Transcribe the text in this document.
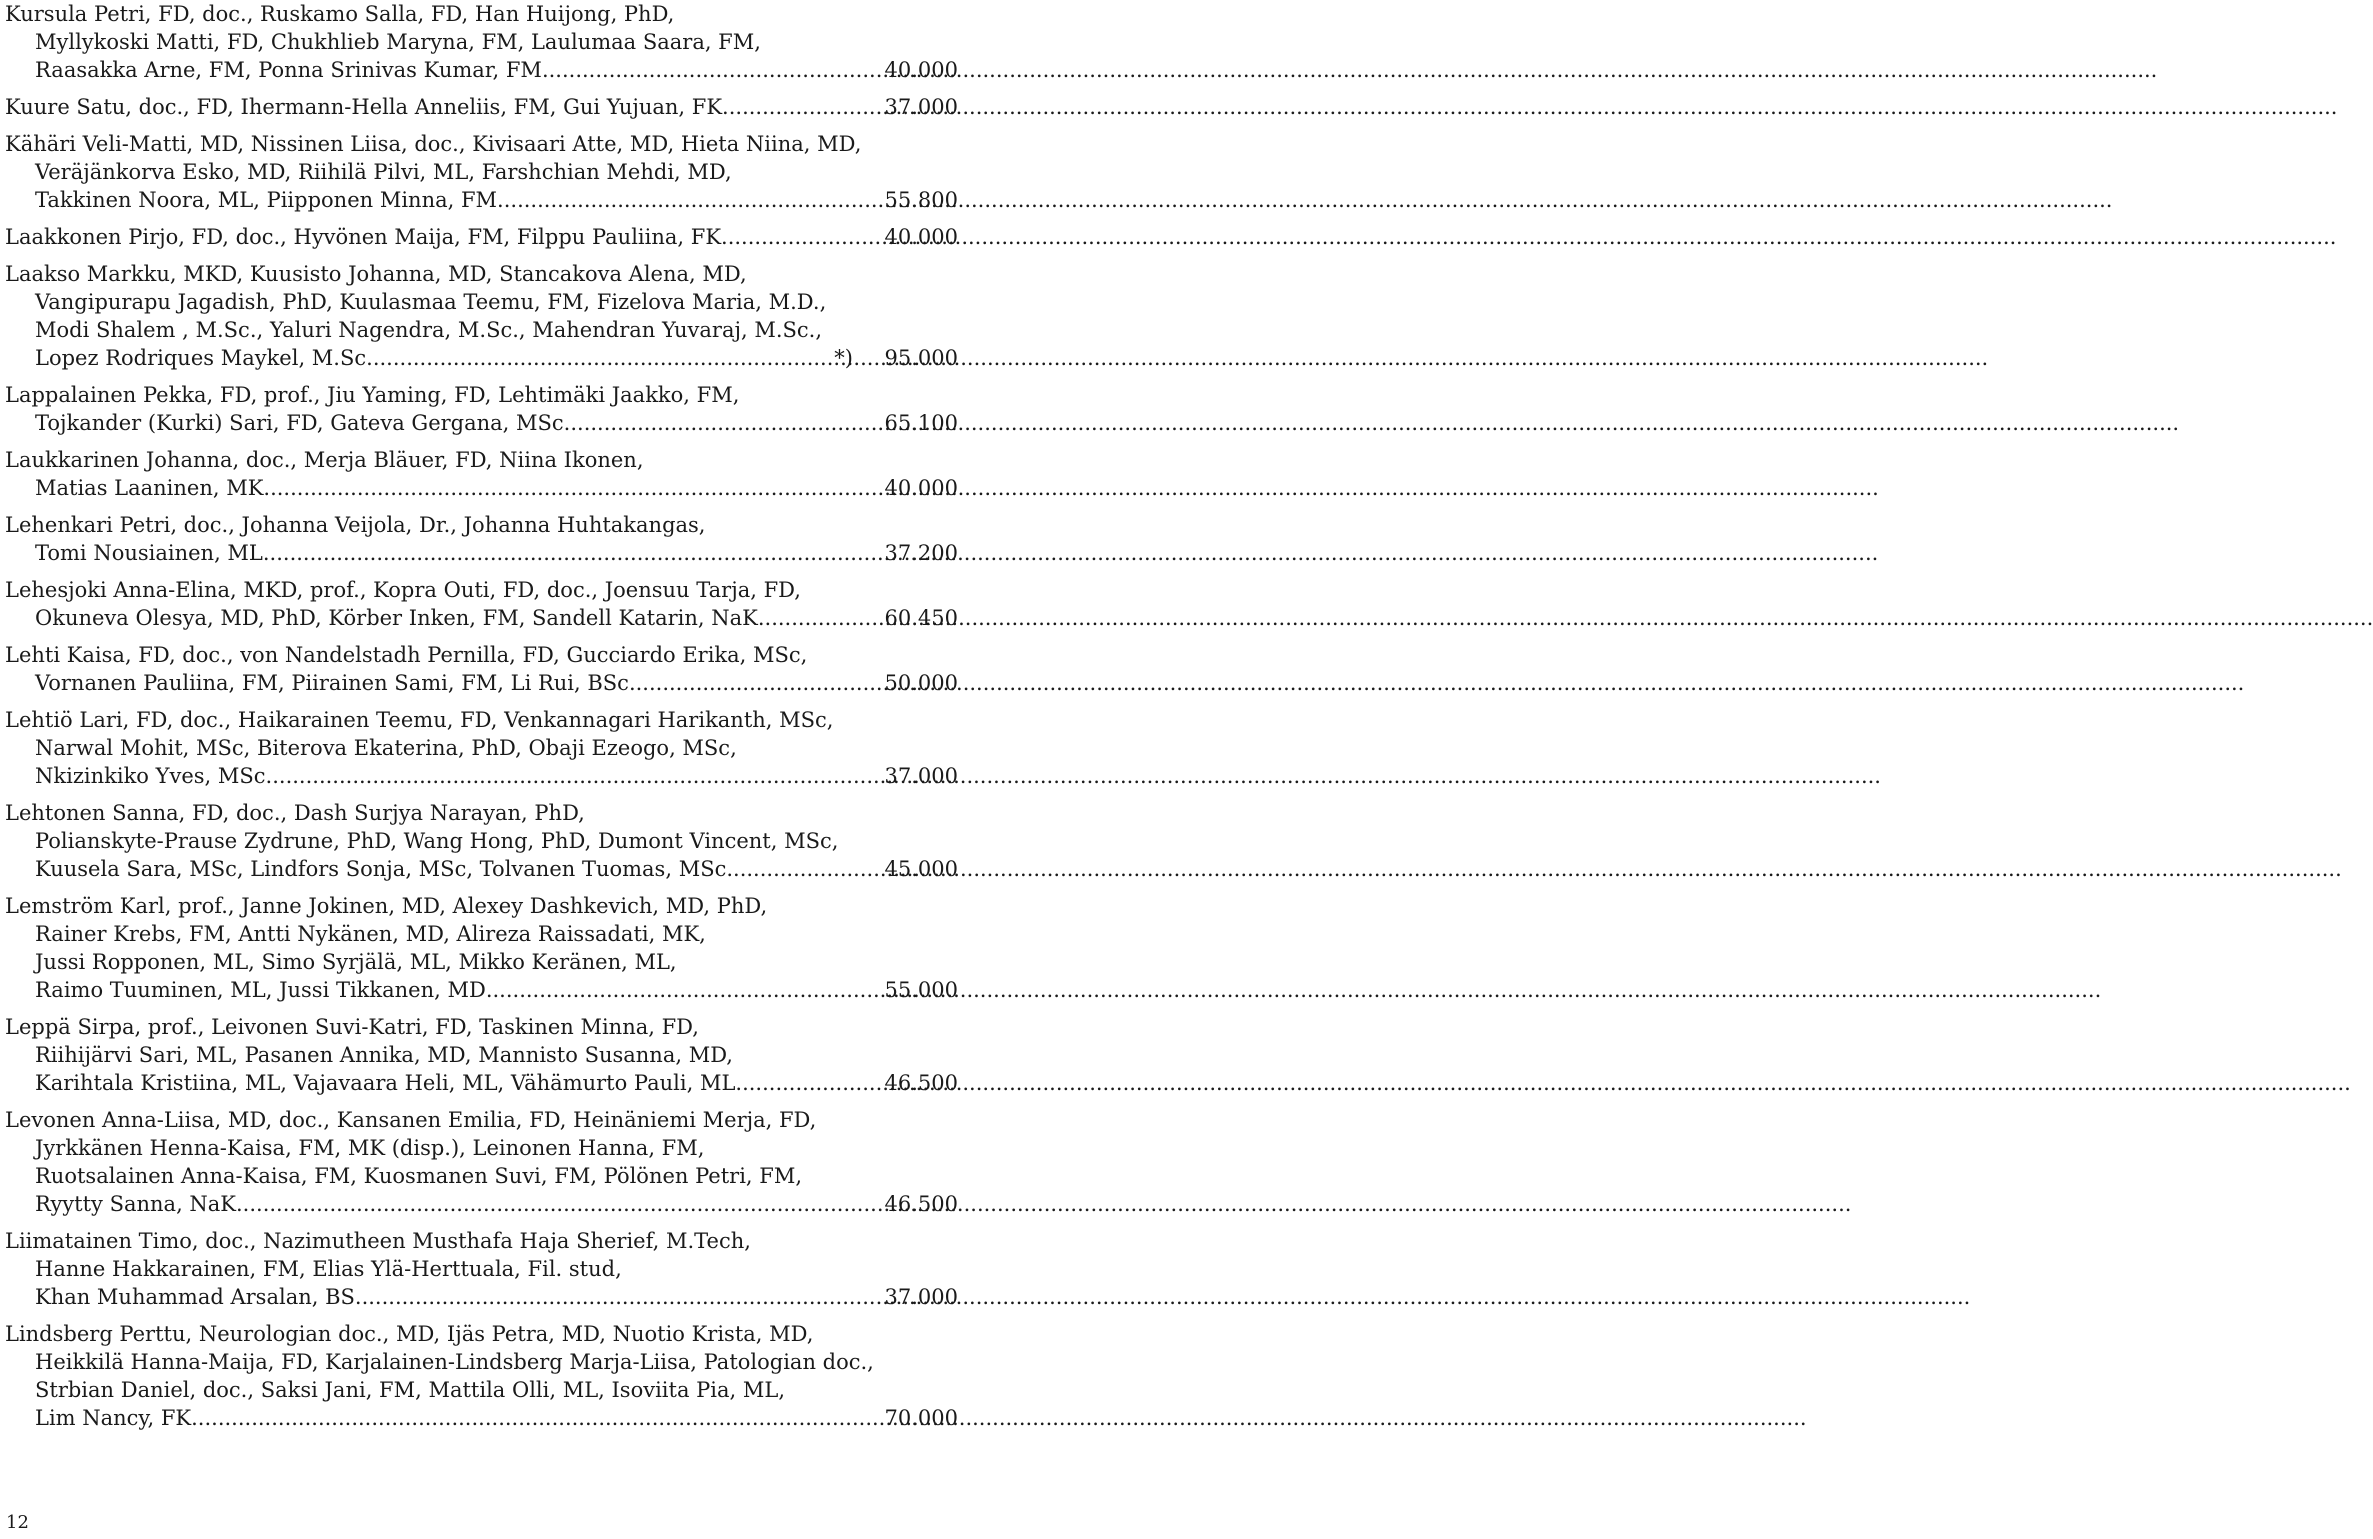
Kursula Petri, FD, doc., Ruskamo Salla, FD, Han Huijong, PhD,
Myllykoski Matti, FD, Chukhlieb Maryna, FM, Laulumaa Saara, FM,
Raasakka Arne, FM, Ponna Srinivas Kumar, FM .....	40.000
Kuure Satu, doc., FD, Ihermann-Hella Anneliis, FM, Gui Yujuan, FK .....	37.000
Kähäri Veli-Matti, MD, Nissinen Liisa, doc., Kivisaari Atte, MD, Hieta Niina, MD,
Veräjänkorva Esko, MD, Riihilä Pilvi, ML, Farshchian Mehdi, MD,
Takkinen Noora, ML, Piipponen Minna, FM .....	55.800
Laakkonen Pirjo, FD, doc., Hyvönen Maija, FM, Filppu Pauliina, FK .....	40.000
Laakso Markku, MKD, Kuusisto Johanna, MD, Stancakova Alena, MD,
Vangipurapu Jagadish, PhD, Kuulasmaa Teemu, FM, Fizelova Maria, M.D.,
Modi Shalem , M.Sc., Yaluri Nagendra, M.Sc., Mahendran Yuvaraj, M.Sc.,
Lopez Rodriques Maykel, M.Sc. .....	*)	95.000
Lappalainen Pekka, FD, prof., Jiu Yaming, FD, Lehtimäki Jaakko, FM,
Tojkander (Kurki) Sari, FD, Gateva Gergana, MSc .....	65.100
Laukkarinen Johanna, doc., Merja Bläuer, FD, Niina Ikonen,
Matias Laaninen, MK .....	40.000
Lehenkari Petri, doc., Johanna Veijola, Dr., Johanna Huhtakangas,
Tomi Nousiainen, ML .....	37.200
Lehesjoki Anna-Elina, MKD, prof., Kopra Outi, FD, doc., Joensuu Tarja, FD,
Okuneva Olesya, MD, PhD, Körber Inken, FM, Sandell Katarin, NaK .....	60.450
Lehti Kaisa, FD, doc., von Nandelstadh Pernilla, FD, Gucciardo Erika, MSc,
Vornanen Pauliina, FM, Piirainen Sami, FM, Li Rui, BSc .....	50.000
Lehtiö Lari, FD, doc., Haikarainen Teemu, FD, Venkannagari Harikanth, MSc,
Narwal Mohit, MSc, Biterova Ekaterina, PhD, Obaji Ezeogo, MSc,
Nkizinkiko Yves, MSc .....	37.000
Lehtonen Sanna, FD, doc., Dash Surjya Narayan, PhD,
Polianskyte-Prause Zydrune, PhD, Wang Hong, PhD, Dumont Vincent, MSc,
Kuusela Sara, MSc, Lindfors Sonja, MSc, Tolvanen Tuomas, MSc .....	45.000
Lemström Karl, prof., Janne Jokinen, MD, Alexey Dashkevich, MD, PhD,
Rainer Krebs, FM, Antti Nykänen, MD, Alireza Raissadati, MK,
Jussi Ropponen, ML, Simo Syrjälä, ML, Mikko Keränen, ML,
Raimo Tuuminen, ML, Jussi Tikkanen, MD .....	55.000
Leppä Sirpa, prof., Leivonen Suvi-Katri, FD, Taskinen Minna, FD,
Riihijärvi Sari, ML, Pasanen Annika, MD, Mannisto Susanna, MD,
Karihtala Kristiina, ML, Vajavaara Heli, ML, Vähämurto Pauli, ML .....	46.500
Levonen Anna-Liisa, MD, doc., Kansanen Emilia, FD, Heinäniemi Merja, FD,
Jyrkkänen Henna-Kaisa, FM, MK (disp.), Leinonen Hanna, FM,
Ruotsalainen Anna-Kaisa, FM, Kuosmanen Suvi, FM, Pölönen Petri, FM,
Ryytty Sanna, NaK .....	46.500
Liimatainen Timo, doc., Nazimutheen Musthafa Haja Sherief, M.Tech,
Hanne Hakkarainen, FM, Elias Ylä-Herttuala, Fil. stud,
Khan Muhammad Arsalan, BS .....	37.000
Lindsberg Perttu, Neurologian doc., MD, Ijäs Petra, MD, Nuotio Krista, MD,
Heikkilä Hanna-Maija, FD, Karjalainen-Lindsberg Marja-Liisa, Patologian doc.,
Strbian Daniel, doc., Saksi Jani, FM, Mattila Olli, ML, Isoviita Pia, ML,
Lim Nancy, FK .....	70.000
12
